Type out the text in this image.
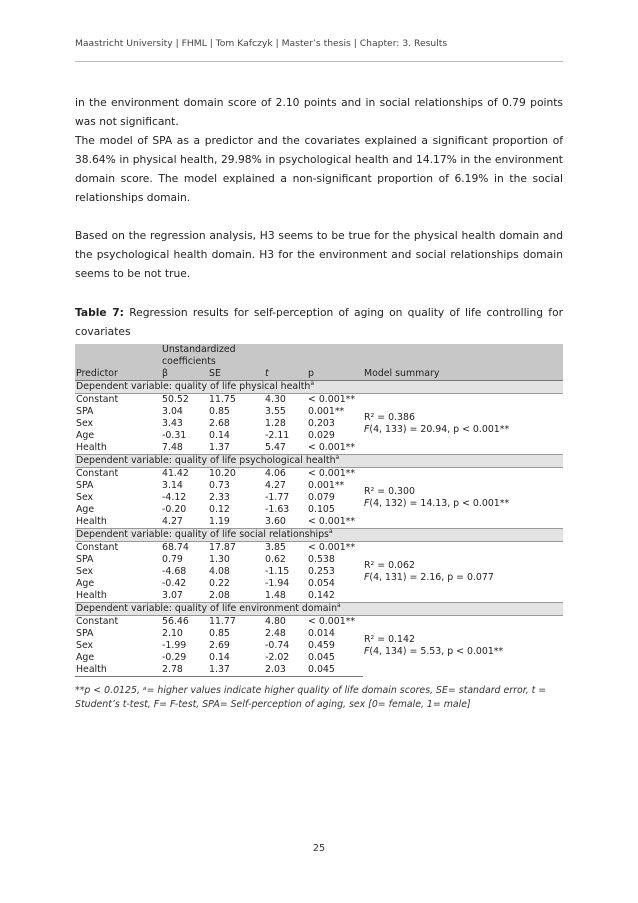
Maastricht University | FHML | Tom Kafczyk | Master’s thesis | Chapter: 3. Results
in the environment domain score of 2.10 points and in social relationships of 0.79 points was not significant.
The model of SPA as a predictor and the covariates explained a significant proportion of 38.64% in physical health, 29.98% in psychological health and 14.17% in the environment domain score. The model explained a non-significant proportion of 6.19% in the social relationships domain.
Based on the regression analysis, H3 seems to be true for the physical health domain and the psychological health domain. H3 for the environment and social relationships domain seems to be not true.
Table 7: Regression results for self-perception of aging on quality of life controlling for covariates
	Unstandardized coefficients				
Predictor	β	SE	t	p	Model summary
Dependent variable: quality of life physical health$^a$
Constant	50.52	11.75	4.30	< 0.001**	R² = 0.386
F(4, 133) = 20.94, p < 0.001**

SPA	3.04	0.85	3.55	0.001**	
Sex	3.43	2.68	1.28	0.203	
Age	-0.31	0.14	-2.11	0.029	
Health	7.48	1.37	5.47	< 0.001**	
Dependent variable: quality of life psychological health$^a$
Constant	41.42	10.20	4.06	< 0.001**	R² = 0.300
F(4, 132) = 14.13, p < 0.001**

SPA	3.14	0.73	4.27	0.001**	
Sex	-4.12	2.33	-1.77	0.079	
Age	-0.20	0.12	-1.63	0.105	
Health	4.27	1.19	3.60	< 0.001**	
Dependent variable: quality of life social relationships$^a$
Constant	68.74	17.87	3.85	< 0.001**	R² = 0.062
F(4, 131) = 2.16, p = 0.077

SPA	0.79	1.30	0.62	0.538	
Sex	-4.68	4.08	-1.15	0.253	
Age	-0.42	0.22	-1.94	0.054	
Health	3.07	2.08	1.48	0.142	
Dependent variable: quality of life environment domain$^a$
Constant	56.46	11.77	4.80	< 0.001**	R² = 0.142
F(4, 134) = 5.53, p < 0.001**

SPA	2.10	0.85	2.48	0.014	
Sex	-1.99	2.69	-0.74	0.459	
Age	-0.29	0.14	-2.02	0.045	
Health	2.78	1.37	2.03	0.045	
**p < 0.0125, ᵃ= higher values indicate higher quality of life domain scores, SE= standard error, t = Student’s t-test, F= F-test, SPA= Self-perception of aging, sex [0= female, 1= male]
25
